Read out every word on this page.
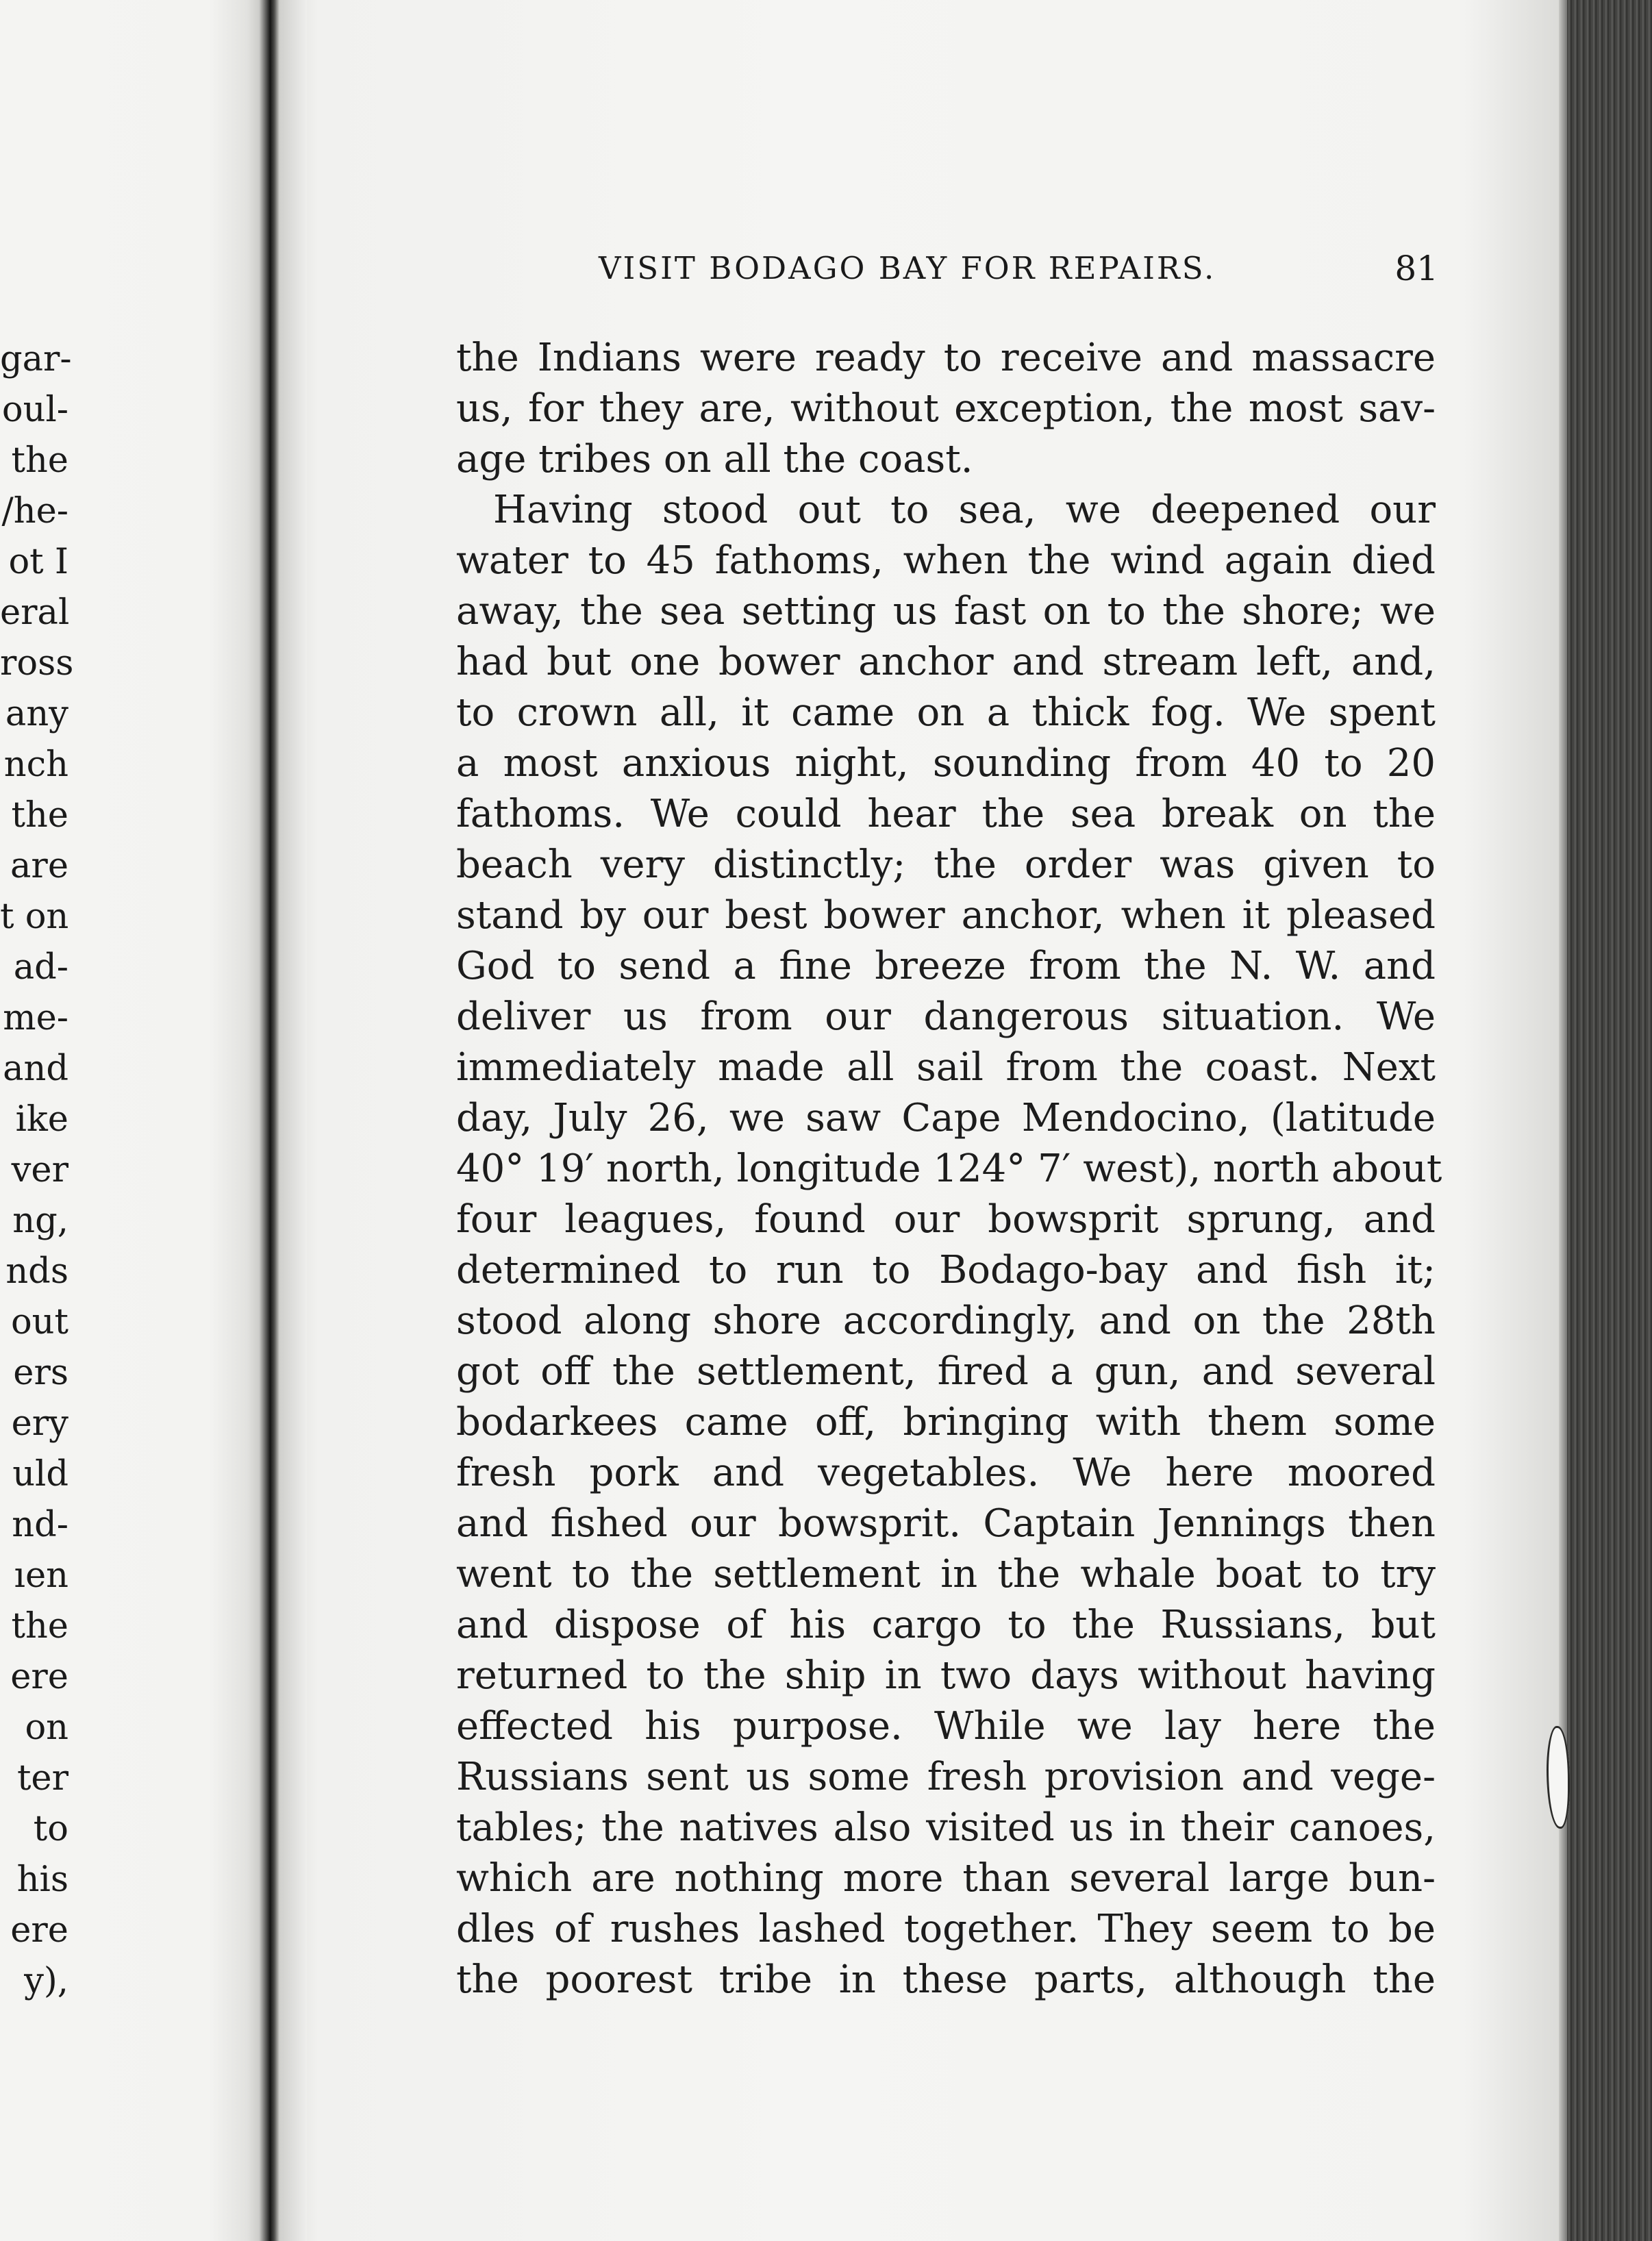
gar-
oul-
the
/he-
ot I
eral
ross
any
nch
the
are
t on
ad-
me-
and
ike
ver
ng,
nds
out
ers
ery
uld
nd-
ıen
the
ere
on
ter
to
his
ere
y),
VISIT BODAGO BAY FOR REPAIRS.	81
the Indians were ready to receive and massacre
us, for they are, without exception, the most sav-
age tribes on all the coast.
Having stood out to sea, we deepened our
water to 45 fathoms, when the wind again died
away, the sea setting us fast on to the shore; we
had but one bower anchor and stream left, and,
to crown all, it came on a thick fog. We spent
a most anxious night, sounding from 40 to 20
fathoms. We could hear the sea break on the
beach very distinctly; the order was given to
stand by our best bower anchor, when it pleased
God to send a fine breeze from the N. W. and
deliver us from our dangerous situation. We
immediately made all sail from the coast. Next
day, July 26, we saw Cape Mendocino, (latitude
40° 19′ north, longitude 124° 7′ west), north about
four leagues, found our bowsprit sprung, and
determined to run to Bodago-bay and fish it;
stood along shore accordingly, and on the 28th
got off the settlement, fired a gun, and several
bodarkees came off, bringing with them some
fresh pork and vegetables. We here moored
and fished our bowsprit. Captain Jennings then
went to the settlement in the whale boat to try
and dispose of his cargo to the Russians, but
returned to the ship in two days without having
effected his purpose. While we lay here the
Russians sent us some fresh provision and vege-
tables; the natives also visited us in their canoes,
which are nothing more than several large bun-
dles of rushes lashed together. They seem to be
the poorest tribe in these parts, although the
